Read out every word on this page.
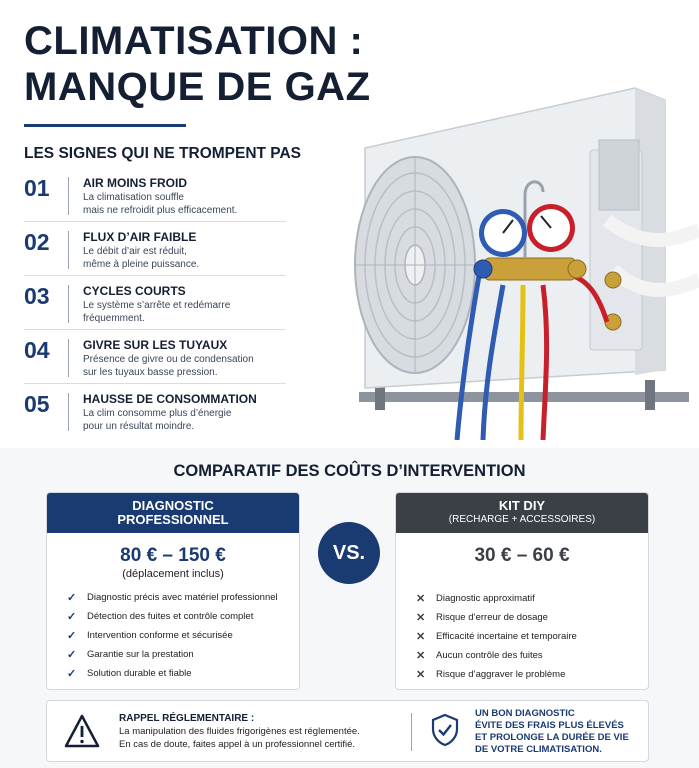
CLIMATISATION : MANQUE DE GAZ
LES SIGNES QUI NE TROMPENT PAS
01	AIR MOINS FROID
La climatisation souffle
mais ne refroidit plus efficacement.
02	FLUX D’AIR FAIBLE
Le débit d’air est réduit,
même à pleine puissance.
03	CYCLES COURTS
Le système s’arrête et redémarre
fréquemment.
04	GIVRE SUR LES TUYAUX
Présence de givre ou de condensation
sur les tuyaux basse pression.
05	HAUSSE DE CONSOMMATION
La clim consomme plus d’énergie
pour un résultat moindre.
COMPARATIF DES COÛTS D’INTERVENTION
DIAGNOSTIC
PROFESSIONNEL
80 € – 150 €
(déplacement inclus)
✓	Diagnostic précis avec matériel professionnel
✓	Détection des fuites et contrôle complet
✓	Intervention conforme et sécurisée
✓	Garantie sur la prestation
✓	Solution durable et fiable
VS.
KIT DIY
(RECHARGE + ACCESSOIRES)
30 € – 60 €
✕	Diagnostic approximatif
✕	Risque d’erreur de dosage
✕	Efficacité incertaine et temporaire
✕	Aucun contrôle des fuites
✕	Risque d’aggraver le problème
RAPPEL RÉGLEMENTAIRE :
La manipulation des fluides frigorigènes est réglementée.
En cas de doute, faites appel à un professionnel certifié.
UN BON DIAGNOSTIC
ÉVITE DES FRAIS PLUS ÉLEVÉS
ET PROLONGE LA DURÉE DE VIE
DE VOTRE CLIMATISATION.
